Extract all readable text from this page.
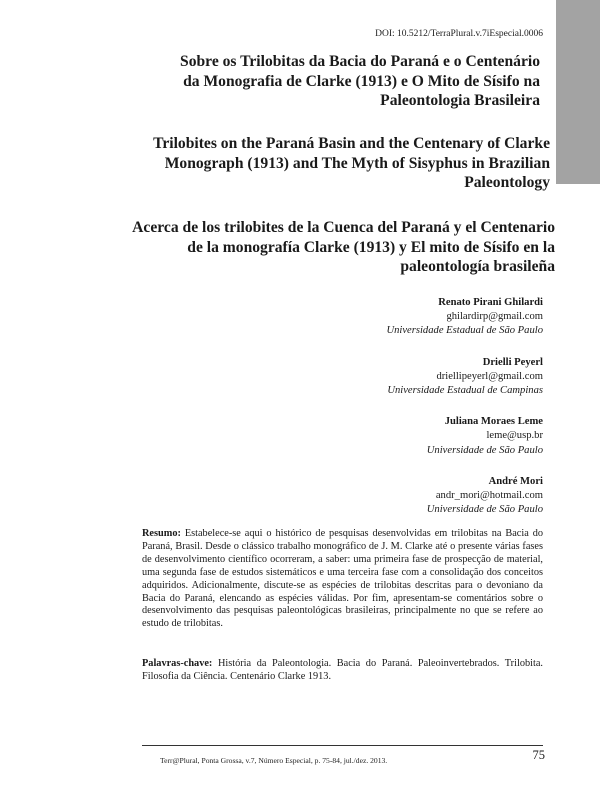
DOI: 10.5212/TerraPlural.v.7iEspecial.0006

Sobre os Trilobitas da Bacia do Paraná e o Centenário
da Monografia de Clarke (1913) e O Mito de Sísifo na
Paleontologia Brasileira

Trilobites on the Paraná Basin and the Centenary of Clarke
Monograph (1913) and The Myth of Sisyphus in Brazilian
Paleontology

Acerca de los trilobites de la Cuenca del Paraná y el Centenario
de la monografía Clarke (1913) y El mito de Sísifo en la
paleontología brasileña

Renato Pirani Ghilardi
ghilardirp@gmail.com
Universidade Estadual de São Paulo
Drielli Peyerl
driellipeyerl@gmail.com
Universidade Estadual de Campinas
Juliana Moraes Leme
leme@usp.br
Universidade de São Paulo
André Mori
andr_mori@hotmail.com
Universidade de São Paulo
Resumo: Estabelece-se aqui o histórico de pesquisas desenvolvidas em trilobitas na Bacia do Paraná, Brasil. Desde o clássico trabalho monográfico de J. M. Clarke até o presente várias fases de desenvolvimento científico ocorreram, a saber: uma primeira fase de prospecção de material, uma segunda fase de estudos sistemáticos e uma terceira fase com a consolidação dos conceitos adquiridos. Adicionalmente, discute-se as espécies de trilobitas descritas para o devoniano da Bacia do Paraná, elencando as espécies válidas. Por fim, apresentam-se comentários sobre o desenvolvimento das pesquisas paleontológicas brasileiras, principalmente no que se refere ao estudo de trilobitas.
Palavras-chave: História da Paleontologia. Bacia do Paraná. Paleoinvertebrados. Trilobita. Filosofia da Ciência. Centenário Clarke 1913.
Terr@Plural, Ponta Grossa, v.7, Número Especial, p. 75-84, jul./dez. 2013.	75
